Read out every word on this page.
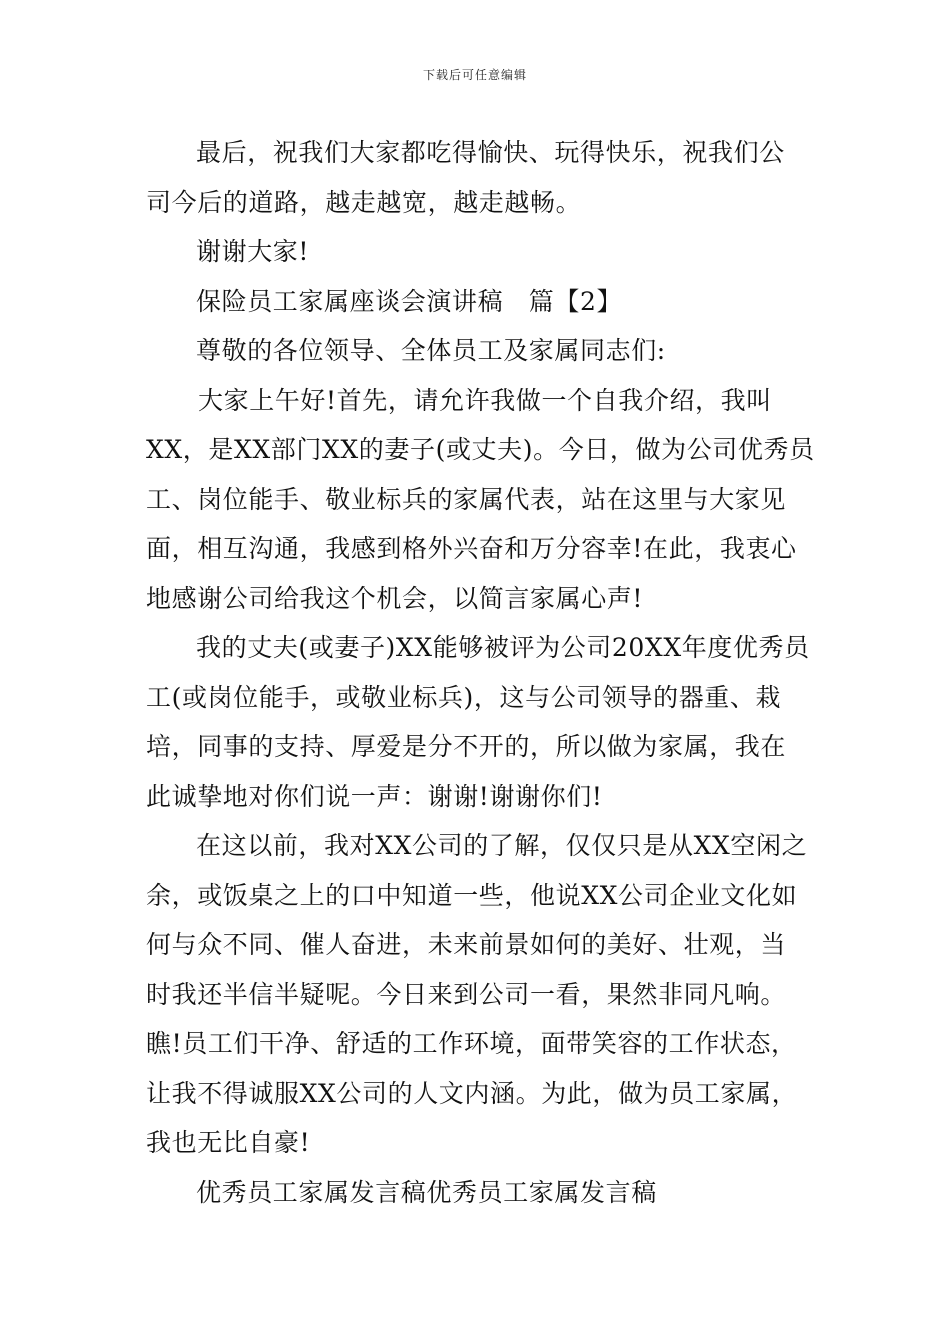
下载后可任意编辑
最后，祝我们大家都吃得愉快、玩得快乐，祝我们公
司今后的道路，越走越宽，越走越畅。
谢谢大家!
保险员工家属座谈会演讲稿　篇【2】
尊敬的各位领导、全体员工及家属同志们:
大家上午好!首先，请允许我做一个自我介绍，我叫
XX，是XX部门XX的妻子(或丈夫)。今日，做为公司优秀员
工、岗位能手、敬业标兵的家属代表，站在这里与大家见
面，相互沟通，我感到格外兴奋和万分容幸!在此，我衷心
地感谢公司给我这个机会，以简言家属心声!
我的丈夫(或妻子)XX能够被评为公司20XX年度优秀员
工(或岗位能手，或敬业标兵)，这与公司领导的器重、栽
培，同事的支持、厚爱是分不开的，所以做为家属，我在
此诚挚地对你们说一声：谢谢!谢谢你们!
在这以前，我对XX公司的了解，仅仅只是从XX空闲之
余，或饭桌之上的口中知道一些，他说XX公司企业文化如
何与众不同、催人奋进，未来前景如何的美好、壮观，当
时我还半信半疑呢。今日来到公司一看，果然非同凡响。
瞧!员工们干净、舒适的工作环境，面带笑容的工作状态，
让我不得诚服XX公司的人文内涵。为此，做为员工家属，
我也无比自豪!
优秀员工家属发言稿优秀员工家属发言稿
